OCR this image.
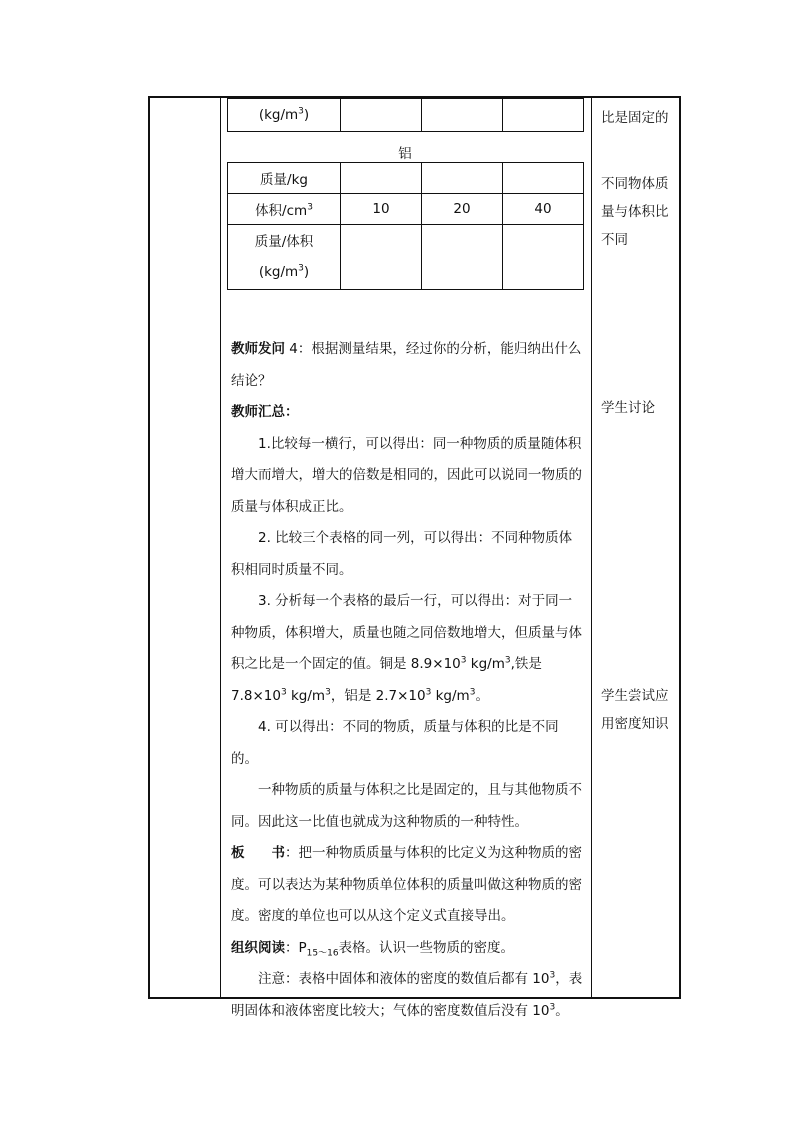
$(kg/m^3)$			
铝
质量/kg			
体积$/cm^3$	10	20	40
质量/体积
$(kg/m^3)$			

教师发问 4：根据测量结果，经过你的分析，能归纳出什么结论？

教师汇总：

1.比较每一横行，可以得出：同一种物质的质量随体积增大而增大，增大的倍数是相同的，因此可以说同一物质的质量与体积成正比。

2. 比较三个表格的同一列，可以得出：不同种物质体积相同时质量不同。

3. 分析每一个表格的最后一行，可以得出：对于同一种物质，体积增大，质量也随之同倍数地增大，但质量与体积之比是一个固定的值。铜是 $8.9\times 10^3$ $kg/m^3$,铁是 $7.8\times 10^3$ $kg/m^3$，铝是 $2.7\times 10^3$ $kg/m^3$。

4. 可以得出：不同的物质，质量与体积的比是不同的。

一种物质的质量与体积之比是固定的，且与其他物质不同。因此这一比值也就成为这种物质的一种特性。

板　　书：把一种物质质量与体积的比定义为这种物质的密度。可以表达为某种物质单位体积的质量叫做这种物质的密度。密度的单位也可以从这个定义式直接导出。

组织阅读：$P_{15\sim 16}$表格。认识一些物质的密度。

注意：表格中固体和液体的密度的数值后都有 $10^3$，表明固体和液体密度比较大；气体的密度数值后没有 $10^3$。

比是固定的
不同物体质量与体积比不同
学生讨论
学生尝试应用密度知识
